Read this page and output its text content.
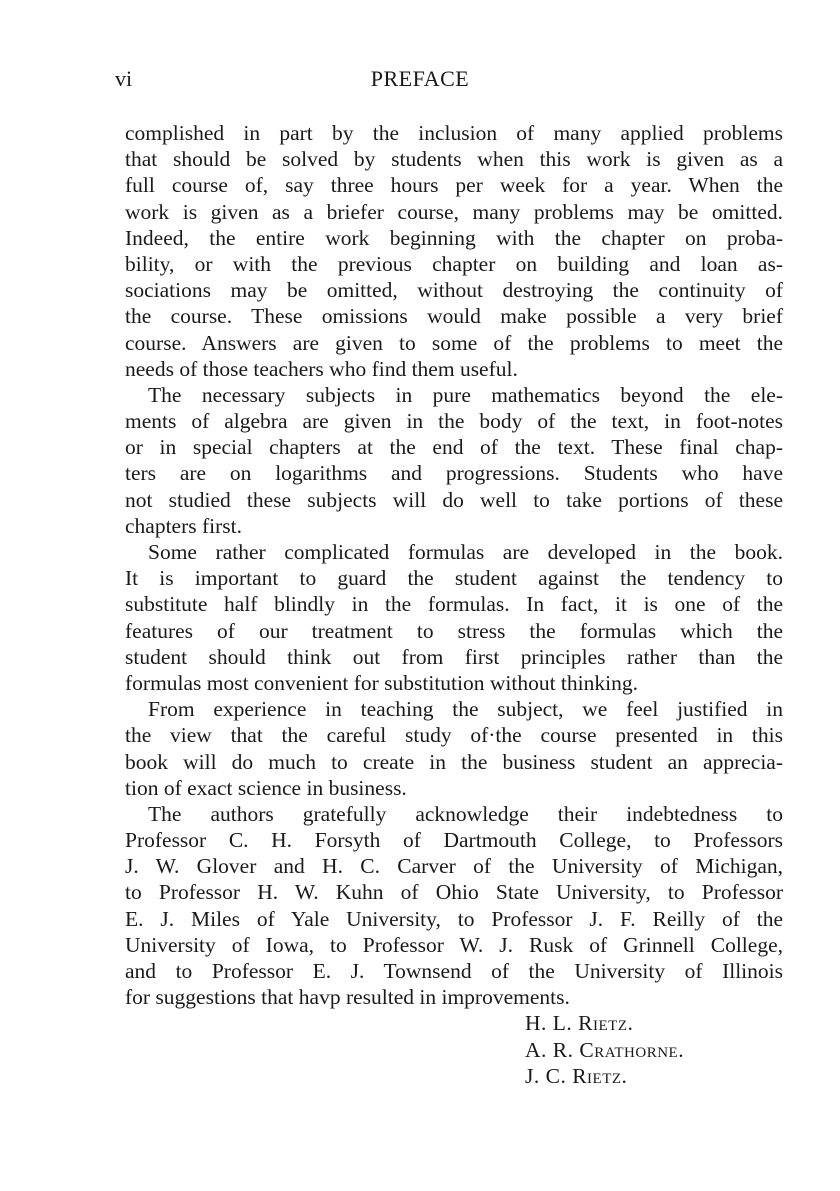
vi	PREFACE
complished in part by the inclusion of many applied problems
that should be solved by students when this work is given as a
full course of, say three hours per week for a year. When the
work is given as a briefer course, many problems may be omitted.
Indeed, the entire work beginning with the chapter on proba-
bility, or with the previous chapter on building and loan as-
sociations may be omitted, without destroying the continuity of
the course. These omissions would make possible a very brief
course. Answers are given to some of the problems to meet the
needs of those teachers who find them useful.
The necessary subjects in pure mathematics beyond the ele-
ments of algebra are given in the body of the text, in foot-notes
or in special chapters at the end of the text. These final chap-
ters are on logarithms and progressions. Students who have
not studied these subjects will do well to take portions of these
chapters first.
Some rather complicated formulas are developed in the book.
It is important to guard the student against the tendency to
substitute half blindly in the formulas. In fact, it is one of the
features of our treatment to stress the formulas which the
student should think out from first principles rather than the
formulas most convenient for substitution without thinking.
From experience in teaching the subject, we feel justified in
the view that the careful study of·the course presented in this
book will do much to create in the business student an apprecia-
tion of exact science in business.
The authors gratefully acknowledge their indebtedness to
Professor C. H. Forsyth of Dartmouth College, to Professors
J. W. Glover and H. C. Carver of the University of Michigan,
to Professor H. W. Kuhn of Ohio State University, to Professor
E. J. Miles of Yale University, to Professor J. F. Reilly of the
University of Iowa, to Professor W. J. Rusk of Grinnell College,
and to Professor E. J. Townsend of the University of Illinois
for suggestions that havp resulted in improvements.
H. L. Rietz.
A. R. Crathorne.
J. C. Rietz.
